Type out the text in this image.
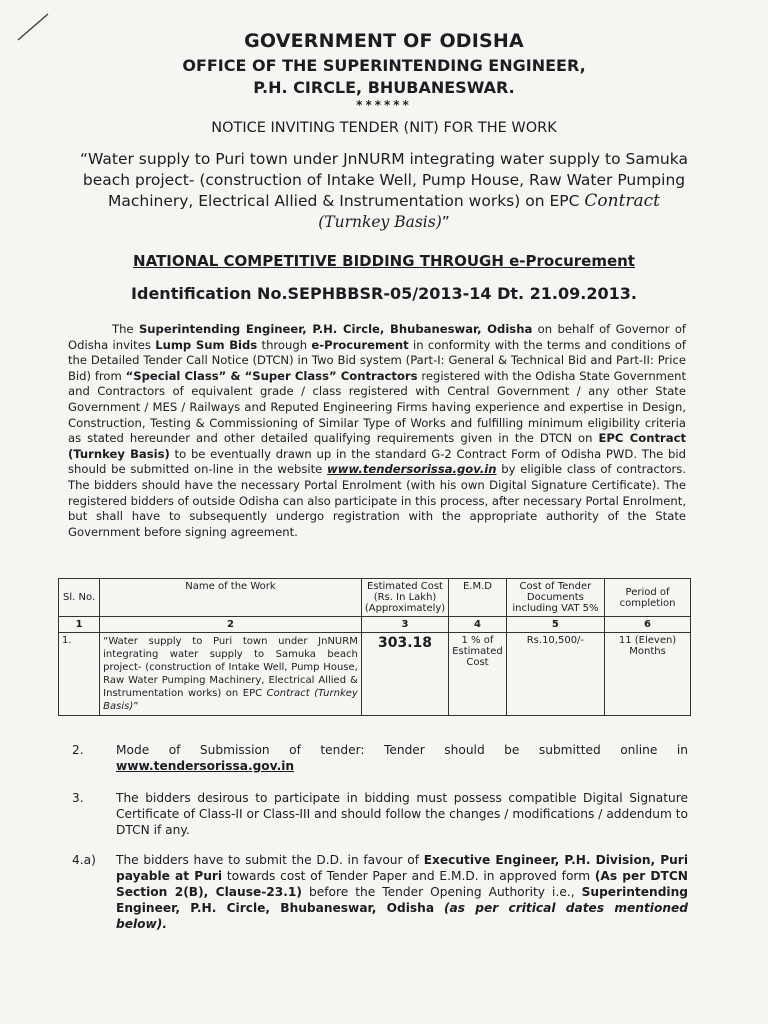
GOVERNMENT OF ODISHA
OFFICE OF THE SUPERINTENDING ENGINEER,
P.H. CIRCLE, BHUBANESWAR.
******
NOTICE INVITING TENDER (NIT) FOR THE WORK
“Water supply to Puri town under JnNURM integrating water supply to Samuka beach project- (construction of Intake Well, Pump House, Raw Water Pumping Machinery, Electrical Allied & Instrumentation works) on EPC Contract (Turnkey Basis)”
NATIONAL COMPETITIVE BIDDING THROUGH e-Procurement
Identification No.SEPHBBSR-05/2013-14 Dt. 21.09.2013.
The Superintending Engineer, P.H. Circle, Bhubaneswar, Odisha on behalf of Governor of Odisha invites Lump Sum Bids through e-Procurement in conformity with the terms and conditions of the Detailed Tender Call Notice (DTCN) in Two Bid system (Part-I: General & Technical Bid and Part-II: Price Bid) from “Special Class” & “Super Class” Contractors registered with the Odisha State Government and Contractors of equivalent grade / class registered with Central Government / any other State Government / MES / Railways and Reputed Engineering Firms having experience and expertise in Design, Construction, Testing & Commissioning of Similar Type of Works and fulfilling minimum eligibility criteria as stated hereunder and other detailed qualifying requirements given in the DTCN on EPC Contract (Turnkey Basis) to be eventually drawn up in the standard G-2 Contract Form of Odisha PWD. The bid should be submitted on-line in the website www.tendersorissa.gov.in by eligible class of contractors. The bidders should have the necessary Portal Enrolment (with his own Digital Signature Certificate). The registered bidders of outside Odisha can also participate in this process, after necessary Portal Enrolment, but shall have to subsequently undergo registration with the appropriate authority of the State Government before signing agreement.
Sl. No.	Name of the Work	Estimated Cost (Rs. In Lakh) (Approximately)	E.M.D	Cost of Tender Documents including VAT 5%	Period of completion
1	2	3	4	5	6
1.	“Water supply to Puri town under JnNURM integrating water supply to Samuka beach project- (construction of Intake Well, Pump House, Raw Water Pumping Machinery, Electrical Allied & Instrumentation works) on EPC Contract (Turnkey Basis)”	303.18	1 % of Estimated Cost	Rs.10,500/-	11 (Eleven) Months
2.	Mode of Submission of tender: Tender should be submitted online in www.tendersorissa.gov.in
3.	The bidders desirous to participate in bidding must possess compatible Digital Signature Certificate of Class-II or Class-III and should follow the changes / modifications / addendum to DTCN if any.
4.a) The bidders have to submit the D.D. in favour of Executive Engineer, P.H. Division, Puri payable at Puri towards cost of Tender Paper and E.M.D. in approved form (As per DTCN Section 2(B), Clause-23.1) before the Tender Opening Authority i.e., Superintending Engineer, P.H. Circle, Bhubaneswar, Odisha (as per critical dates mentioned below).
